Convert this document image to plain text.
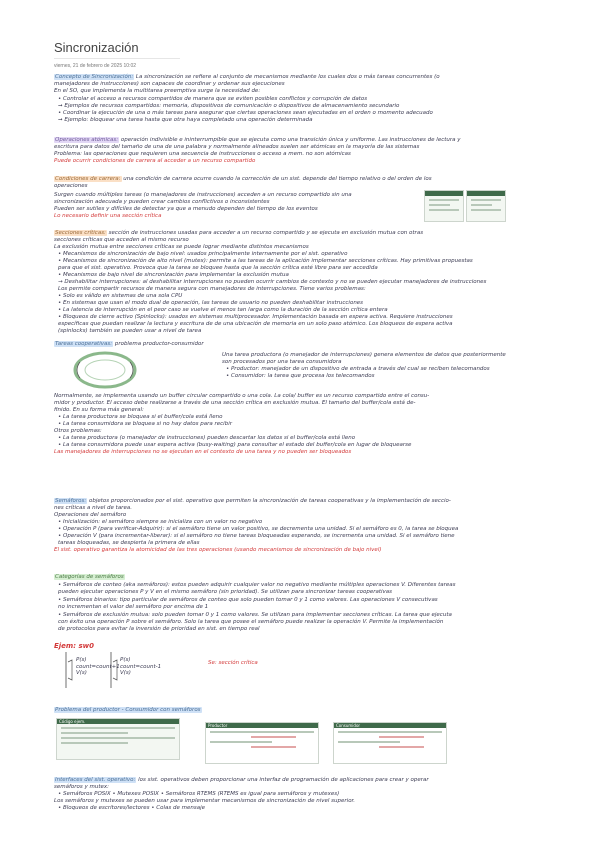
Sincronización
viernes, 21 de febrero de 2025 10:02
Concepto de Sincronización: La sincronización se refiere al conjunto de mecanismos mediante los cuales dos o más tareas concurrentes (o
manejadores de instrucciones) son capaces de coordinar y ordenar sus ejecuciones
En el SO, que implementa la multitarea preemptiva surge la necesidad de:
• Controlar el acceso a recursos compartidos de manera que se eviten posibles conflictos y corrupción de datos
➞ Ejemplos de recursos compartidos: memoria, dispositivos de comunicación o dispositivos de almacenamiento secundario
• Coordinar la ejecución de una o más tareas para asegurar que ciertas operaciones sean ejecutadas en el orden o momento adecuado
➞ Ejemplo: bloquear una tarea hasta que otra haya completado una operación determinada
Operaciones atómicas: operación indivisible e ininterrumpible que se ejecuta como una transición única y uniforme. Las instrucciones de lectura y
escritura para datos del tamaño de una de una palabra y normalmente alineados suelen ser atómicas en la mayoría de las sistemas
Problema: las operaciones que requieren una secuencia de instrucciones o acceso a mem. no son atómicas
Puede ocurrir condiciones de carrera al acceder a un recurso compartido
Condiciones de carrera: una condición de carrera ocurre cuando la corrección de un sist. depende del tiempo relativo o del orden de los
operaciones
Surgen cuando múltiples tareas (o manejadores de instrucciones) acceden a un recurso compartido sin una
sincronización adecuada y pueden crear cambios conflictivos o inconsistentes
Pueden ser sutiles y difíciles de detectar ya que a menudo dependen del tiempo de los eventos
Lo necesario definir una sección crítica
Secciones críticas: sección de instrucciones usadas para acceder a un recurso compartido y se ejecuta en exclusión mutua con otras
secciones críticas que acceden al mismo recurso
La exclusión mutua entre secciones críticas se puede lograr mediante distintos mecanismos
• Mecanismos de sincronización de bajo nivel: usados principalmente internamente por el sist. operativo
• Mecanismos de sincronización de alto nivel (mutex): permite a las tareas de la aplicación implementar secciones críticas. Hay primitivas propuestas
para que el sist. operativo. Provoca que la tarea se bloquee hasta que la sección crítica esté libre para ser accedida
• Mecanismos de bajo nivel de sincronización para implementar la exclusión mutua
→ Deshabilitar interrupciones: al deshabilitar interrupciones no pueden ocurrir cambios de contexto y no se pueden ejecutar manejadores de instrucciones
Los permite compartir recursos de manera segura con manejadores de interrupciones. Tiene varios problemas:
• Solo es válido en sistemas de una sola CPU
• En sistemas que usan el modo dual de operación, las tareas de usuario no pueden deshabilitar instrucciones
• La latencia de interrupción en el peor caso se vuelve el menos tan larga como la duración de la sección crítica entera
• Bloqueos de cierre activo (Spinlocks): usados en sistemas multiprocesador. Implementación basada en espera activa. Requiere instrucciones
específicas que puedan realizar la lectura y escritura de de una ubicación de memoria en un solo paso atómico. Los bloqueos de espera activa
(spinlocks) también se pueden usar a nivel de tarea
Tareas cooperativas: problema productor-consumidor
Una tarea productora (o manejador de interrupciones) genera elementos de datos que posteriormente
son procesados por una tarea consumidora
• Productor: manejador de un dispositivo de entrada a través del cual se reciben telecomandos
• Consumidor: la tarea que procesa los telecomandos
Normalmente, se implementa usando un buffer circular compartido o una cola. La cola/ buffer es un recurso compartido entre el consu-
midor y productor. El acceso debe realizarse a través de una sección crítica en exclusión mutua. El tamaño del buffer/cola está de-
finido. En su forma más general:
• La tarea productora se bloquea si el buffer/cola está lleno
• La tarea consumidora se bloquea si no hay datos para recibir
Otros problemas:
• La tarea productora (o manejador de instrucciones) pueden descartar los datos si el buffer/cola está lleno
• La tarea consumidora puede usar espera activa (busy-waiting) para consultar el estado del buffer/cola en lugar de bloquearse
Las manejadores de interrupciones no se ejecutan en el contexto de una tarea y no pueden ser bloqueados
Semáforos: objetos proporcionados por el sist. operativo que permiten la sincronización de tareas cooperativas y la implementación de seccio-
nes críticas a nivel de tarea.
Operaciones del semáforo
• Inicialización: el semáforo siempre se inicializa con un valor no negativo
• Operación P (para verificar-Adquirir): si el semáforo tiene un valor positivo, se decrementa una unidad. Si el semáforo es 0, la tarea se bloquea
• Operación V (para incrementar-liberar): si el semáforo no tiene tareas bloqueadas esperando, se incrementa una unidad. Si el semáforo tiene
tareas bloqueadas, se despierta la primera de ellas
El sist. operativo garantiza la atomicidad de las tres operaciones (usando mecanismos de sincronización de bajo nivel)
Categorías de semáforos
• Semáforos de conteo (aka semáforos): estos pueden adquirir cualquier valor no negativo mediante múltiples operaciones V. Diferentes tareas
pueden ejecutar operaciones P y V en el mismo semáforo (sin prioridad). Se utilizan para sincronizar tareas cooperativas
• Semáforos binarios: tipo particular de semáforos de conteo que solo pueden tomar 0 y 1 como valores. Las operaciones V consecutivas
no incrementan el valor del semáforo por encima de 1
• Semáforos de exclusión mutua: solo pueden tomar 0 y 1 como valores. Se utilizan para implementar secciones críticas. La tarea que ejecuta
con éxito una operación P sobre el semáforo. Solo la tarea que posee el semáforo puede realizar la operación V. Permite la implementación
de protocolos para evitar la inversión de prioridad en sist. en tiempo real
Ejem: sw0
Se: sección crítica
P(s)
V(s)
P(s)
count=count+1
V(s)
count=count-1
Problema del productor - Consumidor con semáforos
Código ejem.
Productor	Consumidor
Interfaces del sist. operativo: los sist. operativos deben proporcionar una interfaz de programación de aplicaciones para crear y operar
semáforos y mutex:
• Semáforos POSIX • Mutexes POSIX • Semáforos RTEMS (RTEMS es igual para semáforos y mutexes)
Los semáforos y mutexes se pueden usar para implementar mecanismos de sincronización de nivel superior.
• Bloqueos de escritores/lectores • Colas de mensaje
